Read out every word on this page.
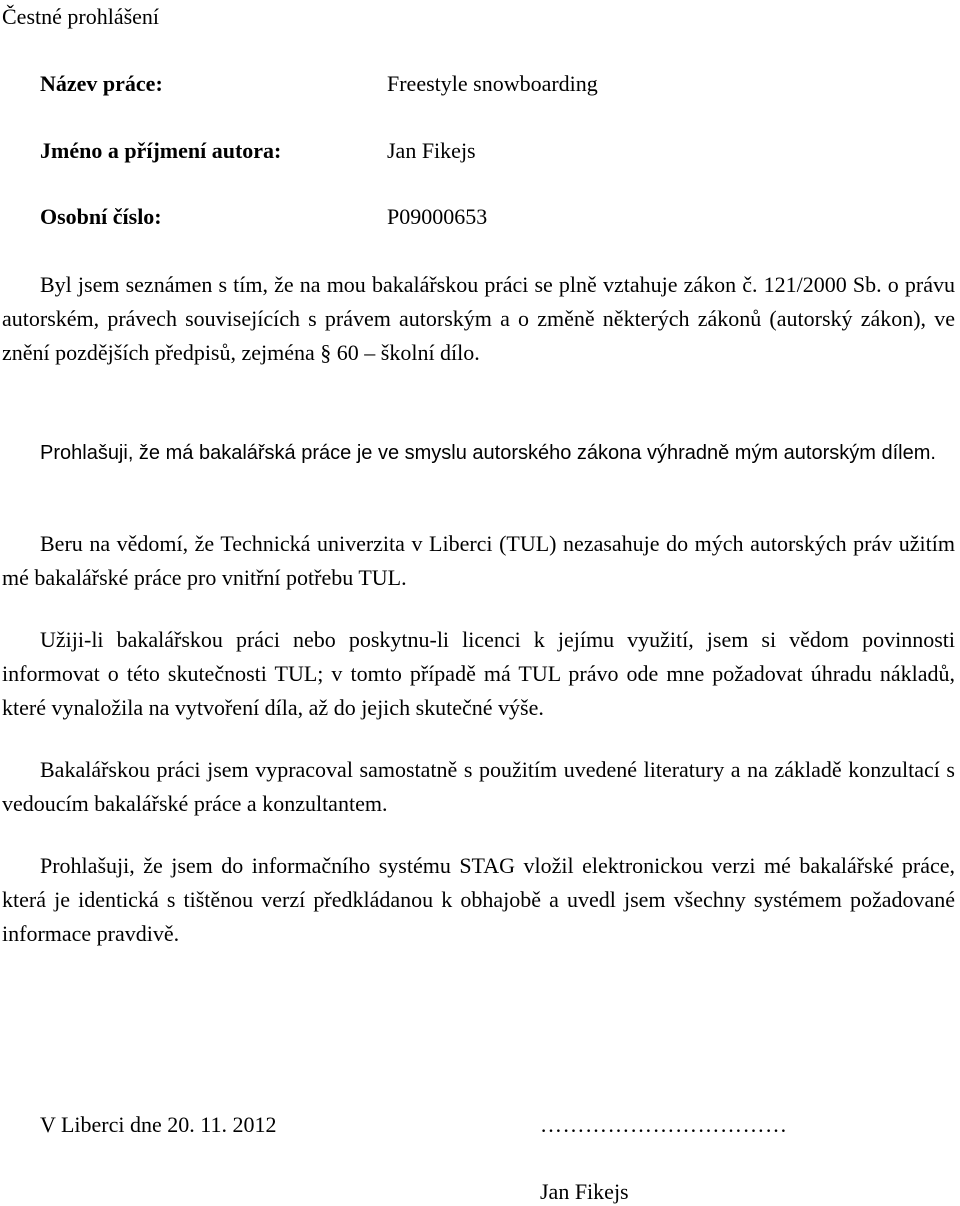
Čestné prohlášení
Název práce:	Freestyle snowboarding
Jméno a příjmení autora:	Jan Fikejs
Osobní číslo:	P09000653

Byl jsem seznámen s tím, že na mou bakalářskou práci se plně vztahuje zákon č. 121/2000 Sb. o právu autorském, právech souvisejících s právem autorským a o změně některých zákonů (autorský zákon), ve znění pozdějších předpisů, zejména § 60 – školní dílo.

Prohlašuji, že má bakalářská práce je ve smyslu autorského zákona výhradně mým autorským dílem.

Beru na vědomí, že Technická univerzita v Liberci (TUL) nezasahuje do mých autorských práv užitím mé bakalářské práce pro vnitřní potřebu TUL.

Užiji-li bakalářskou práci nebo poskytnu-li licenci k jejímu využití, jsem si vědom povinnosti informovat o této skutečnosti TUL; v tomto případě má TUL právo ode mne požadovat úhradu nákladů, které vynaložila na vytvoření díla, až do jejich skutečné výše.

Bakalářskou práci jsem vypracoval samostatně s použitím uvedené literatury a na základě konzultací s vedoucím bakalářské práce a konzultantem.

Prohlašuji, že jsem do informačního systému STAG vložil elektronickou verzi mé bakalářské práce, která je identická s tištěnou verzí předkládanou k obhajobě a uvedl jsem všechny systémem požadované informace pravdivě.

V Liberci dne 20. 11. 2012	……………………………
Jan Fikejs
